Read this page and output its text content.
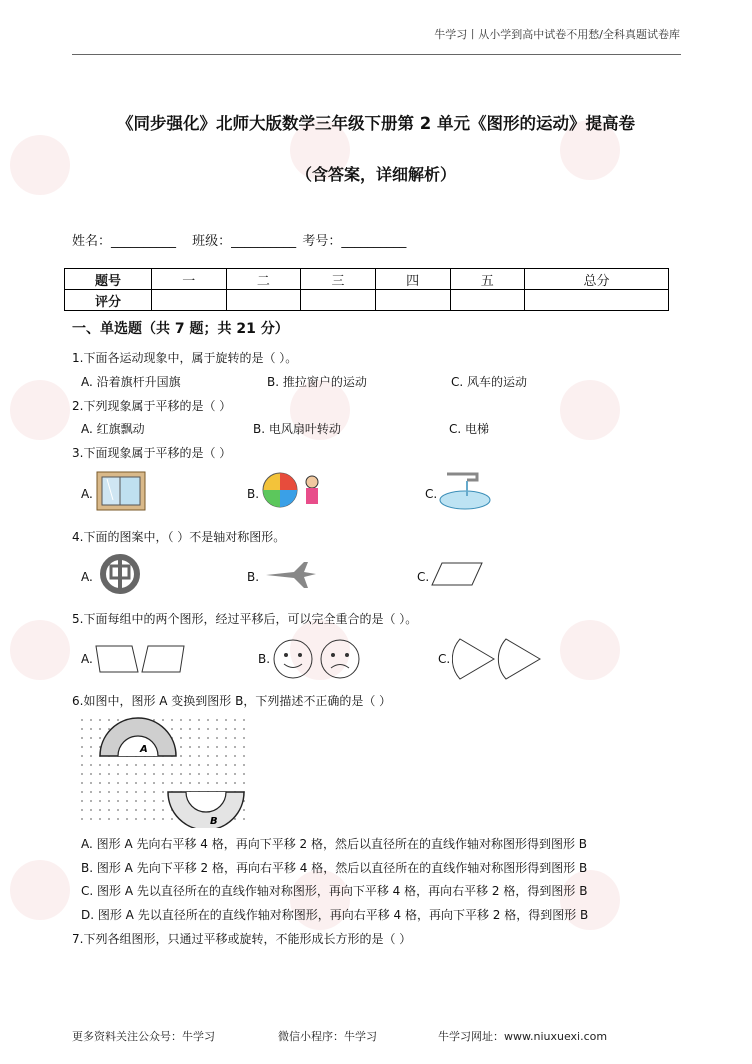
牛学习丨从小学到高中试卷不用愁/全科真题试卷库
《同步强化》北师大版数学三年级下册第 2 单元《图形的运动》提高卷
（含答案，详细解析）
姓名：__________ 班级：__________ 考号：__________
题号	一	二	三	四	五	总分
评分						
一、单选题（共 7 题；共 21 分）
1.下面各运动现象中，属于旋转的是（ ）。
A. 沿着旗杆升国旗	B. 推拉窗户的运动	C. 风车的运动
2.下列现象属于平移的是（ ）
A. 红旗飘动	B. 电风扇叶转动	C. 电梯
3.下面现象属于平移的是（ ）
A.	B.	C.
4.下面的图案中，（ ）不是轴对称图形。
A.	B.	C.
5.下面每组中的两个图形，经过平移后，可以完全重合的是（ ）。
A.	B.	C.
6.如图中，图形 A 变换到图形 B，下列描述不正确的是（ ）
A
B
A. 图形 A 先向右平移 4 格，再向下平移 2 格，然后以直径所在的直线作轴对称图形得到图形 B
B. 图形 A 先向下平移 2 格，再向右平移 4 格，然后以直径所在的直线作轴对称图形得到图形 B
C. 图形 A 先以直径所在的直线作轴对称图形，再向下平移 4 格，再向右平移 2 格，得到图形 B
D. 图形 A 先以直径所在的直线作轴对称图形，再向右平移 4 格，再向下平移 2 格，得到图形 B
7.下列各组图形，只通过平移或旋转，不能形成长方形的是（ ）
更多资料关注公众号：牛学习	微信小程序：牛学习	牛学习网址：www.niuxuexi.com
